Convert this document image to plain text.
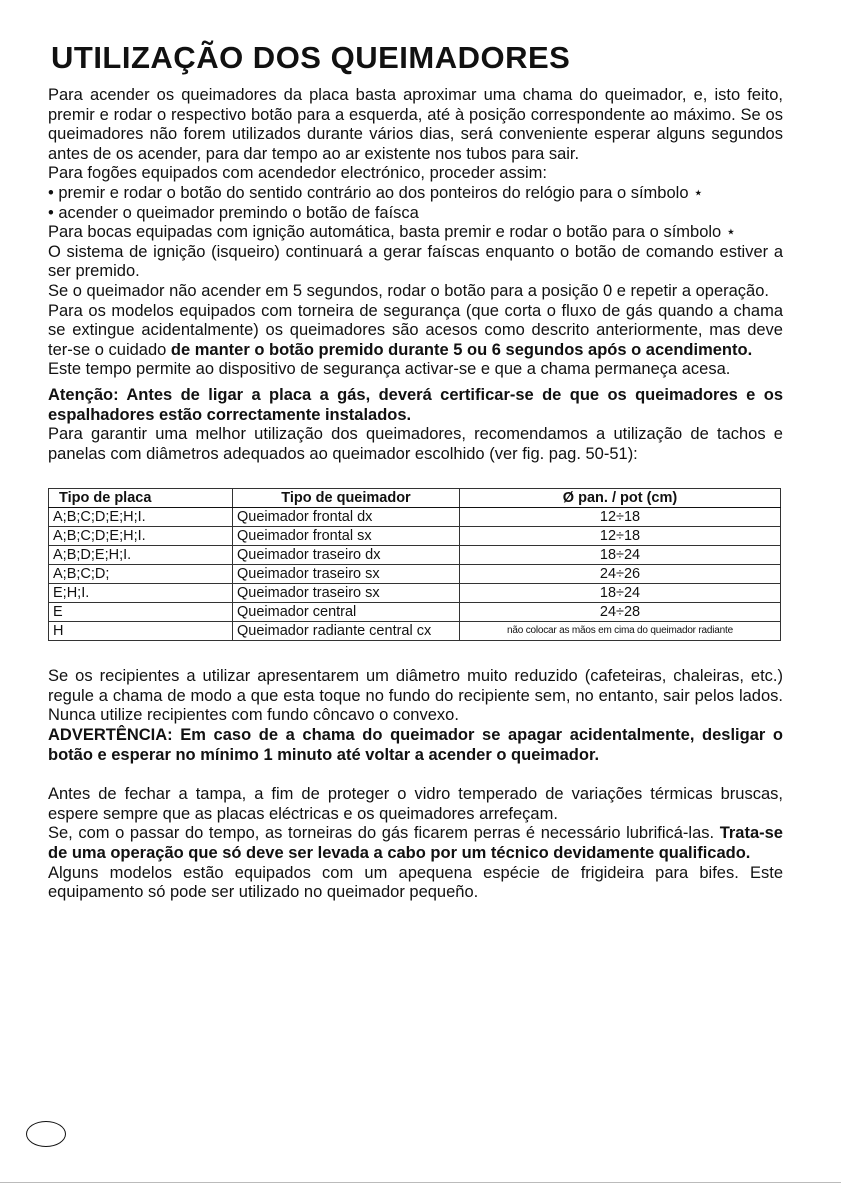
UTILIZAÇÃO DOS QUEIMADORES

Para acender os queimadores da placa basta aproximar uma chama do queimador, e, isto feito, premir e rodar o respectivo botão para a esquerda, até à posição correspondente ao máximo. Se os queimadores não forem utilizados durante vários dias, será conveniente esperar alguns segundos antes de os acender, para dar tempo ao ar existente nos tubos para sair.

Para fogões equipados com acendedor electrónico, proceder assim:

• premir e rodar o botão do sentido contrário ao dos ponteiros do relógio para o símbolo ⋆

• acender o queimador premindo o botão de faísca

Para bocas equipadas com ignição automática, basta premir e rodar o botão para o símbolo ⋆

O sistema de ignição (isqueiro) continuará a gerar faíscas enquanto o botão de comando estiver a ser premido.

Se o queimador não acender em 5 segundos, rodar o botão para a posição 0 e repetir a operação.

Para os modelos equipados com torneira de segurança (que corta o fluxo de gás quando a chama se extingue acidentalmente) os queimadores são acesos como descrito anteriormente, mas deve ter-se o cuidado de manter o botão premido durante 5 ou 6 segundos após o acendimento.

Este tempo permite ao dispositivo de segurança activar-se e que a chama permaneça acesa.

Atenção: Antes de ligar a placa a gás, deverá certificar-se de que os queimadores e os espalhadores estão correctamente instalados.

Para garantir uma melhor utilização dos queimadores, recomendamos a utilização de tachos e panelas com diâmetros adequados ao queimador escolhido (ver fig. pag. 50-51):

Tipo de placa	Tipo de queimador	Ø pan. / pot (cm)
A;B;C;D;E;H;I.	Queimador frontal dx	12÷18
A;B;C;D;E;H;I.	Queimador frontal sx	12÷18
A;B;D;E;H;I.	Queimador traseiro dx	18÷24
A;B;C;D;	Queimador traseiro sx	24÷26
E;H;I.	Queimador traseiro sx	18÷24
E	Queimador central	24÷28
H	Queimador radiante central cx	não colocar as mãos em cima do queimador radiante

Se os recipientes a utilizar apresentarem um diâmetro muito reduzido (cafeteiras, chaleiras, etc.) regule a chama de modo a que esta toque no fundo do recipiente sem, no entanto, sair pelos lados. Nunca utilize recipientes com fundo côncavo o convexo.

ADVERTÊNCIA: Em caso de a chama do queimador se apagar acidentalmente, desligar o botão e esperar no mínimo 1 minuto até voltar a acender o queimador.

Antes de fechar a tampa, a fim de proteger o vidro temperado de variações térmicas bruscas, espere sempre que as placas eléctricas e os queimadores arrefeçam.

Se, com o passar do tempo, as torneiras do gás ficarem perras é necessário lubrificá-las. Trata-se de uma operação que só deve ser levada a cabo por um técnico devidamente qualificado.

Alguns modelos estão equipados com um apequena espécie de frigideira para bifes. Este equipamento só pode ser utilizado no queimador pequeño.
